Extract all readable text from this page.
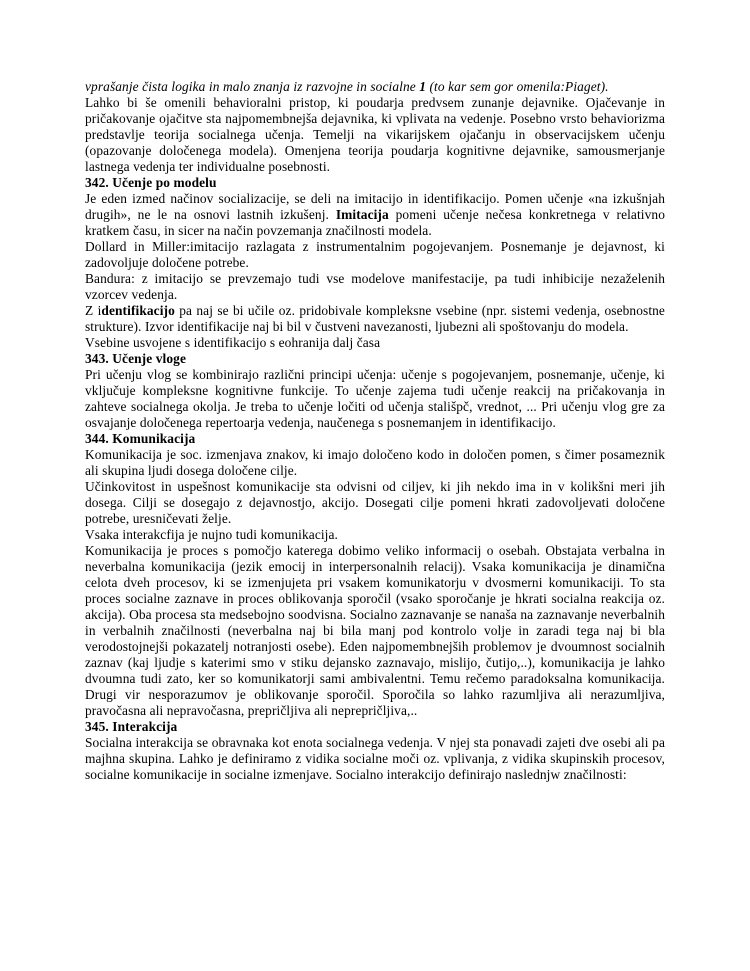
vprašanje čista logika in malo znanja iz razvojne in socialne 1 (to kar sem gor omenila:Piaget).

Lahko bi še omenili behavioralni pristop, ki poudarja predvsem zunanje dejavnike. Ojačevanje in pričakovanje ojačitve sta najpomembnejša dejavnika, ki vplivata na vedenje. Posebno vrsto behaviorizma predstavlje teorija socialnega učenja. Temelji na vikarijskem ojačanju in observacijskem učenju (opazovanje določenega modela). Omenjena teorija poudarja kognitivne dejavnike, samousmerjanje lastnega vedenja ter individualne posebnosti.

342. Učenje po modelu

Je eden izmed načinov socializacije, se deli na imitacijo in identifikacijo. Pomen učenje «na izkušnjah drugih», ne le na osnovi lastnih izkušenj. Imitacija pomeni učenje nečesa konkretnega v relativno kratkem času, in sicer na način povzemanja značilnosti modela.

Dollard in Miller:imitacijo razlagata z instrumentalnim pogojevanjem. Posnemanje je dejavnost, ki zadovoljuje določene potrebe.

Bandura: z imitacijo se prevzemajo tudi vse modelove manifestacije, pa tudi inhibicije nezaželenih vzorcev vedenja.

Z identifikacijo pa naj se bi učile oz. pridobivale kompleksne vsebine (npr. sistemi vedenja, osebnostne strukture). Izvor identifikacije naj bi bil v čustveni navezanosti, ljubezni ali spoštovanju do modela.

Vsebine usvojene s identifikacijo s eohranija dalj časa

343. Učenje vloge

Pri učenju vlog se kombinirajo različni principi učenja: učenje s pogojevanjem, posnemanje, učenje, ki vključuje kompleksne kognitivne funkcije. To učenje zajema tudi učenje reakcij na pričakovanja in zahteve socialnega okolja. Je treba to učenje ločiti od učenja stališpč, vrednot, ... Pri učenju vlog gre za osvajanje določenega repertoarja vedenja, naučenega s posnemanjem in identifikacijo.

344. Komunikacija

Komunikacija je soc. izmenjava znakov, ki imajo določeno kodo in določen pomen, s čimer posameznik ali skupina ljudi dosega določene cilje.

Učinkovitost in uspešnost komunikacije sta odvisni od ciljev, ki jih nekdo ima in v kolikšni meri jih dosega. Cilji se dosegajo z dejavnostjo, akcijo. Dosegati cilje pomeni hkrati zadovoljevati določene potrebe, uresničevati želje.

Vsaka interakcfija je nujno tudi komunikacija.

Komunikacija je proces s pomočjo katerega dobimo veliko informacij o osebah. Obstajata verbalna in neverbalna komunikacija (jezik emocij in interpersonalnih relacij). Vsaka komunikacija je dinamična celota dveh procesov, ki se izmenjujeta pri vsakem komunikatorju v dvosmerni komunikaciji. To sta proces socialne zaznave in proces oblikovanja sporočil (vsako sporočanje je hkrati socialna reakcija oz. akcija). Oba procesa sta medsebojno soodvisna. Socialno zaznavanje se nanaša na zaznavanje neverbalnih in verbalnih značilnosti (neverbalna naj bi bila manj pod kontrolo volje in zaradi tega naj bi bla verodostojnejši pokazatelj notranjosti osebe). Eden najpomembnejših problemov je dvoumnost socialnih zaznav (kaj ljudje s katerimi smo v stiku dejansko zaznavajo, mislijo, čutijo,..), komunikacija je lahko dvoumna tudi zato, ker so komunikatorji sami ambivalentni. Temu rečemo paradoksalna komunikacija. Drugi vir nesporazumov je oblikovanje sporočil. Sporočila so lahko razumljiva ali nerazumljiva, pravočasna ali nepravočasna, prepričljiva ali neprepričljiva,..

345. Interakcija

Socialna interakcija se obravnaka kot enota socialnega vedenja. V njej sta ponavadi zajeti dve osebi ali pa majhna skupina. Lahko je definiramo z vidika socialne moči oz. vplivanja, z vidika skupinskih procesov, socialne komunikacije in socialne izmenjave. Socialno interakcijo definirajo naslednjw značilnosti:
